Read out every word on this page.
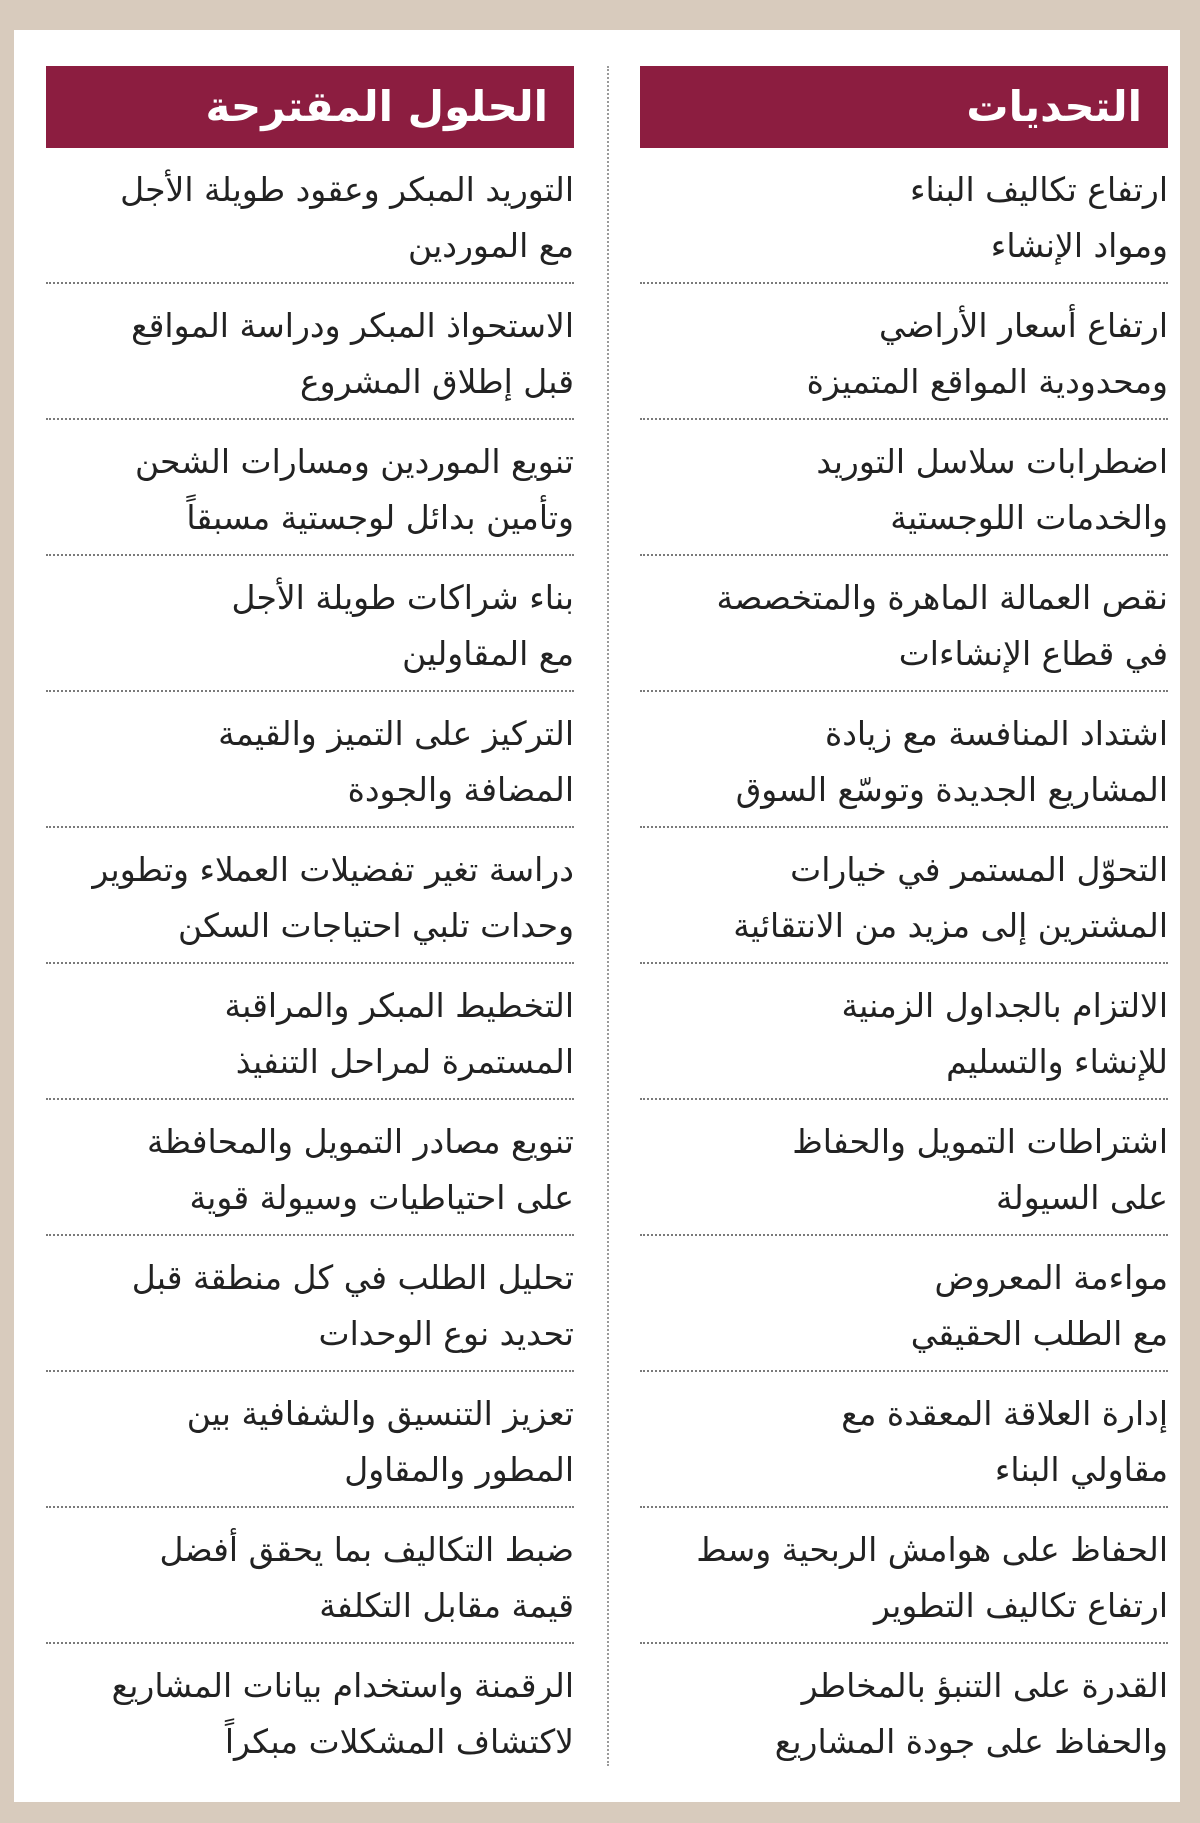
التحديات
ارتفاع تكاليف البناء
ومواد الإنشاء
ارتفاع أسعار الأراضي
ومحدودية المواقع المتميزة
اضطرابات سلاسل التوريد
والخدمات اللوجستية
نقص العمالة الماهرة والمتخصصة
في قطاع الإنشاءات
اشتداد المنافسة مع زيادة
المشاريع الجديدة وتوسّع السوق
التحوّل المستمر في خيارات
المشترين إلى مزيد من الانتقائية
الالتزام بالجداول الزمنية
للإنشاء والتسليم
اشتراطات التمويل والحفاظ
على السيولة
مواءمة المعروض
مع الطلب الحقيقي
إدارة العلاقة المعقدة مع
مقاولي البناء
الحفاظ على هوامش الربحية وسط
ارتفاع تكاليف التطوير
القدرة على التنبؤ بالمخاطر
والحفاظ على جودة المشاريع
الحلول المقترحة
التوريد المبكر وعقود طويلة الأجل
مع الموردين
الاستحواذ المبكر ودراسة المواقع
قبل إطلاق المشروع
تنويع الموردين ومسارات الشحن
وتأمين بدائل لوجستية مسبقاً
بناء شراكات طويلة الأجل
مع المقاولين
التركيز على التميز والقيمة
المضافة والجودة
دراسة تغير تفضيلات العملاء وتطوير
وحدات تلبي احتياجات السكن
التخطيط المبكر والمراقبة
المستمرة لمراحل التنفيذ
تنويع مصادر التمويل والمحافظة
على احتياطيات وسيولة قوية
تحليل الطلب في كل منطقة قبل
تحديد نوع الوحدات
تعزيز التنسيق والشفافية بين
المطور والمقاول
ضبط التكاليف بما يحقق أفضل
قيمة مقابل التكلفة
الرقمنة واستخدام بيانات المشاريع
لاكتشاف المشكلات مبكراً
